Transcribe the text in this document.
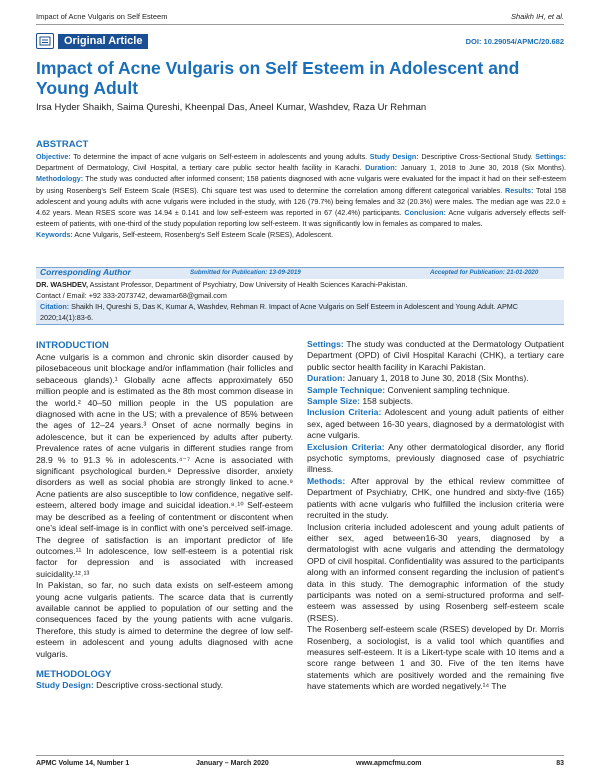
Impact of Acne Vulgaris on Self Esteem	Shaikh IH, et al.
Original Article	DOI: 10.29054/APMC/20.682
Impact of Acne Vulgaris on Self Esteem in Adolescent and Young Adult
Irsa Hyder Shaikh, Saima Qureshi, Kheenpal Das, Aneel Kumar, Washdev, Raza Ur Rehman
ABSTRACT
Objective: To determine the impact of acne vulgaris on Self-esteem in adolescents and young adults. Study Design: Descriptive Cross-Sectional Study. Settings: Department of Dermatology, Civil Hospital, a tertiary care public sector health facility in Karachi. Duration: January 1, 2018 to June 30, 2018 (Six Months). Methodology: The study was conducted after informed consent; 158 patients diagnosed with acne vulgaris were evaluated for the impact it had on their self-esteem by using Rosenberg's Self Esteem Scale (RSES). Chi square test was used to determine the correlation among different categorical variables. Results: Total 158 adolescent and young adults with acne vulgaris were included in the study, with 126 (79.7%) being females and 32 (20.3%) were males. The median age was 22.0 ± 4.62 years. Mean RSES score was 14.94 ± 0.141 and low self-esteem was reported in 67 (42.4%) participants. Conclusion: Acne vulgaris adversely effects self-esteem of patients, with one-third of the study population reporting low self-esteem. It was significantly low in females as compared to males.
Keywords: Acne Vulgaris, Self-esteem, Rosenberg's Self Esteem Scale (RSES), Adolescent.
Corresponding Author	Submitted for Publication: 13-09-2019	Accepted for Publication: 21-01-2020
DR. WASHDEV, Assistant Professor, Department of Psychiatry, Dow University of Health Sciences Karachi-Pakistan.
Contact / Email: +92 333-2073742, dewamar68@gmail.com
Citation: Shaikh IH, Qureshi S, Das K, Kumar A, Washdev, Rehman R. Impact of Acne Vulgaris on Self Esteem in Adolescent and Young Adult. APMC 2020;14(1):83-6.
INTRODUCTION

Acne vulgaris is a common and chronic skin disorder caused by pilosebaceous unit blockage and/or inflammation (hair follicles and sebaceous glands).¹ Globally acne affects approximately 650 million people and is estimated as the 8th most common disease in the world.² 40–50 million people in the US population are diagnosed with acne in the US; with a prevalence of 85% between the ages of 12–24 years.³ Onset of acne normally begins in adolescence, but it can be experienced by adults after puberty. Prevalence rates of acne vulgaris in different studies range from 28.9 % to 91.3 % in adolescents.⁴⁻⁷ Acne is associated with significant psychological burden.⁸ Depressive disorder, anxiety disorders as well as social phobia are strongly linked to acne.⁹ Acne patients are also susceptible to low confidence, negative self-esteem, altered body image and suicidal ideation.⁸˒¹⁰ Self-esteem may be described as a feeling of contentment or discontent when one's ideal self-image is in conflict with one's perceived self-image. The degree of satisfaction is an important predictor of life outcomes.¹¹ In adolescence, low self-esteem is a potential risk factor for depression and is associated with increased suicidality.¹²˒¹³

In Pakistan, so far, no such data exists on self-esteem among young acne vulgaris patients. The scarce data that is currently available cannot be applied to population of our setting and the consequences faced by the young patients with acne vulgaris. Therefore, this study is aimed to determine the degree of low self-esteem in adolescent and young adults diagnosed with acne vulgaris.

METHODOLOGY

Study Design: Descriptive cross-sectional study.

Settings: The study was conducted at the Dermatology Outpatient Department (OPD) of Civil Hospital Karachi (CHK), a tertiary care public sector health facility in Karachi Pakistan.

Duration: January 1, 2018 to June 30, 2018 (Six Months).

Sample Technique: Convenient sampling technique.

Sample Size: 158 subjects.

Inclusion Criteria: Adolescent and young adult patients of either sex, aged between 16-30 years, diagnosed by a dermatologist with acne vulgaris.

Exclusion Criteria: Any other dermatological disorder, any florid psychotic symptoms, previously diagnosed case of psychiatric illness.

Methods: After approval by the ethical review committee of Department of Psychiatry, CHK, one hundred and sixty-five (165) patients with acne vulgaris who fulfilled the inclusion criteria were recruited in the study.

Inclusion criteria included adolescent and young adult patients of either sex, aged between16-30 years, diagnosed by a dermatologist with acne vulgaris and attending the dermatology OPD of civil hospital. Confidentiality was assured to the participants along with an informed consent regarding the inclusion of patient's data in this study. The demographic information of the study participants was noted on a semi-structured proforma and self-esteem was assessed by using Rosenberg self-esteem scale (RSES).

The Rosenberg self-esteem scale (RSES) developed by Dr. Morris Rosenberg, a sociologist, is a valid tool which quantifies and measures self-esteem. It is a Likert-type scale with 10 items and a score range between 1 and 30. Five of the ten items have statements which are positively worded and the remaining five have statements which are worded negatively.¹⁴ The

APMC Volume 14, Number 1	January – March 2020	www.apmcfmu.com	83
